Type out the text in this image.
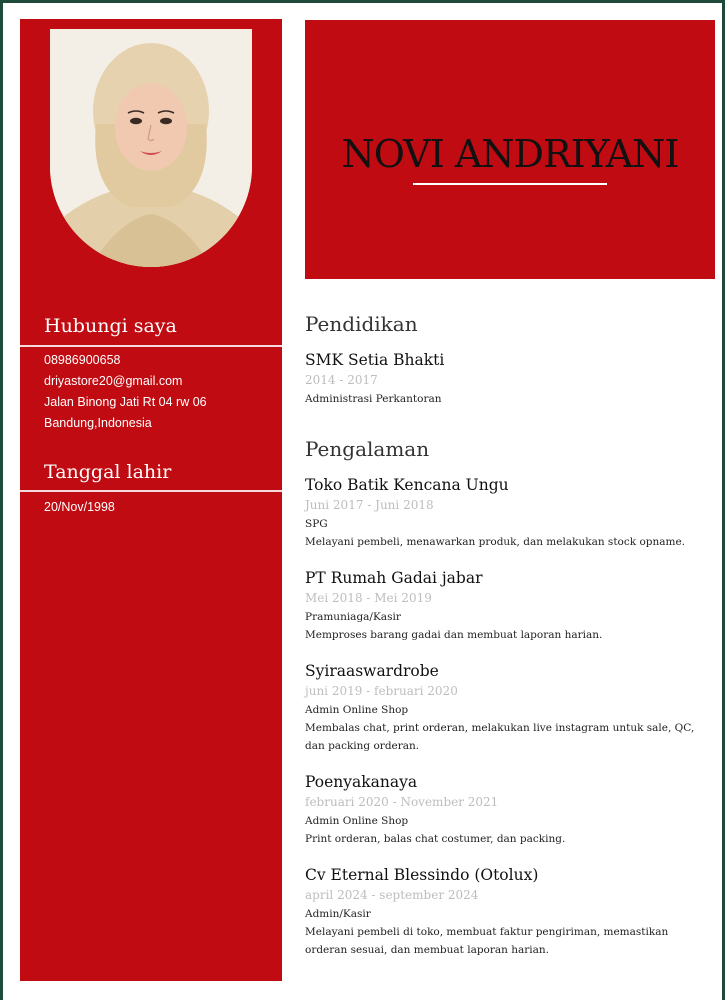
Hubungi saya
08986900658
driyastore20@gmail.com
Jalan Binong Jati Rt 04 rw 06
Bandung,Indonesia
Tanggal lahir
20/Nov/1998
NOVI ANDRIYANI
Pendidikan
SMK Setia Bhakti
2014 - 2017
Administrasi Perkantoran
Pengalaman
Toko Batik Kencana Ungu
Juni 2017 - Juni 2018
SPG
Melayani pembeli, menawarkan produk, dan melakukan stock opname.
PT Rumah Gadai jabar
Mei 2018 - Mei 2019
Pramuniaga/Kasir
Memproses barang gadai dan membuat laporan harian.
Syiraaswardrobe
juni 2019 - februari 2020
Admin Online Shop
Membalas chat, print orderan, melakukan live instagram untuk sale, QC,
dan packing orderan.
Poenyakanaya
februari 2020 - November 2021
Admin Online Shop
Print orderan, balas chat costumer, dan packing.
Cv Eternal Blessindo (Otolux)
april 2024 - september 2024
Admin/Kasir
Melayani pembeli di toko, membuat faktur pengiriman, memastikan
orderan sesuai, dan membuat laporan harian.
